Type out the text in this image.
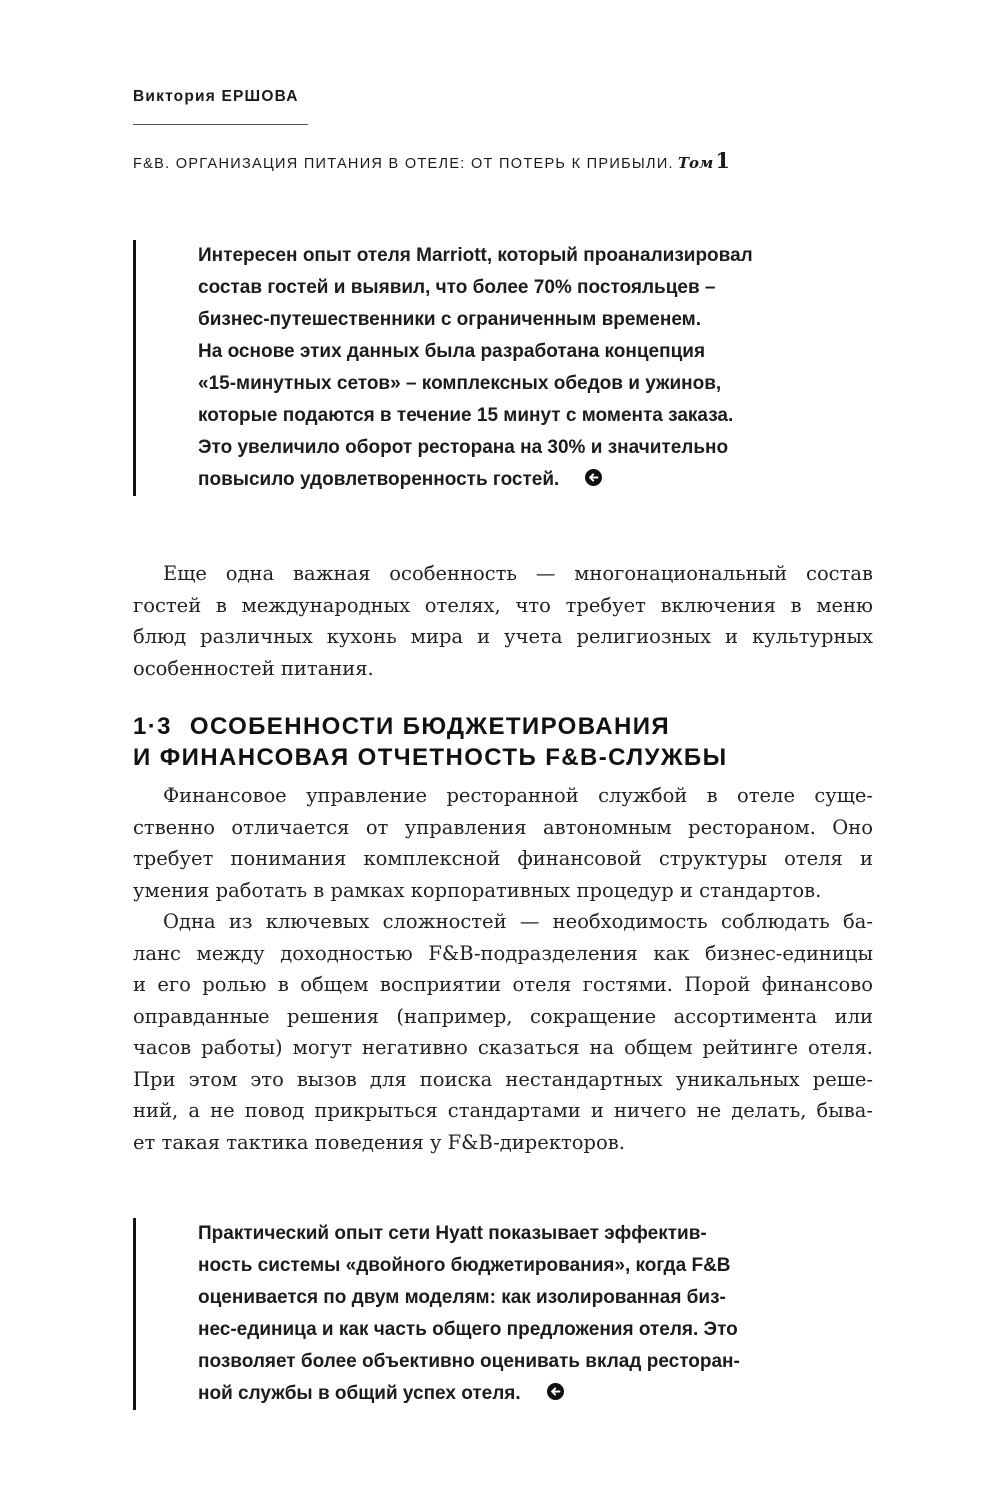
Виктория ЕРШОВА
F&B. ОРГАНИЗАЦИЯ ПИТАНИЯ В ОТЕЛЕ: ОТ ПОТЕРЬ К ПРИБЫЛИ. Том1

Интересен опыт отеля Marriott, который проанализировал
состав гостей и выявил, что более 70% постояльцев –
бизнес-путешественники с ограниченным временем.
На основе этих данных была разработана концепция
«15-минутных сетов» – комплексных обедов и ужинов,
которые подаются в течение 15 минут с момента заказа.
Это увеличило оборот ресторана на 30% и значительно
повысило удовлетворенность гостей.

Еще одна важная особенность — многонациональный состав
гостей в международных отелях, что требует включения в меню
блюд различных кухонь мира и учета религиозных и культурных
особенностей питания.

1·3 ОСОБЕННОСТИ БЮДЖЕТИРОВАНИЯ
И ФИНАНСОВАЯ ОТЧЕТНОСТЬ F&B-СЛУЖБЫ

Финансовое управление ресторанной службой в отеле суще-
ственно отличается от управления автономным рестораном. Оно
требует понимания комплексной финансовой структуры отеля и
умения работать в рамках корпоративных процедур и стандартов.

Одна из ключевых сложностей — необходимость соблюдать ба-
ланс между доходностью F&B-подразделения как бизнес-единицы
и его ролью в общем восприятии отеля гостями. Порой финансово
оправданные решения (например, сокращение ассортимента или
часов работы) могут негативно сказаться на общем рейтинге отеля.
При этом это вызов для поиска нестандартных уникальных реше-
ний, а не повод прикрыться стандартами и ничего не делать, быва-
ет такая тактика поведения у F&B-директоров.

Практический опыт сети Hyatt показывает эффектив-
ность системы «двойного бюджетирования», когда F&B
оценивается по двум моделям: как изолированная биз-
нес-единица и как часть общего предложения отеля. Это
позволяет более объективно оценивать вклад ресторан-
ной службы в общий успех отеля.
